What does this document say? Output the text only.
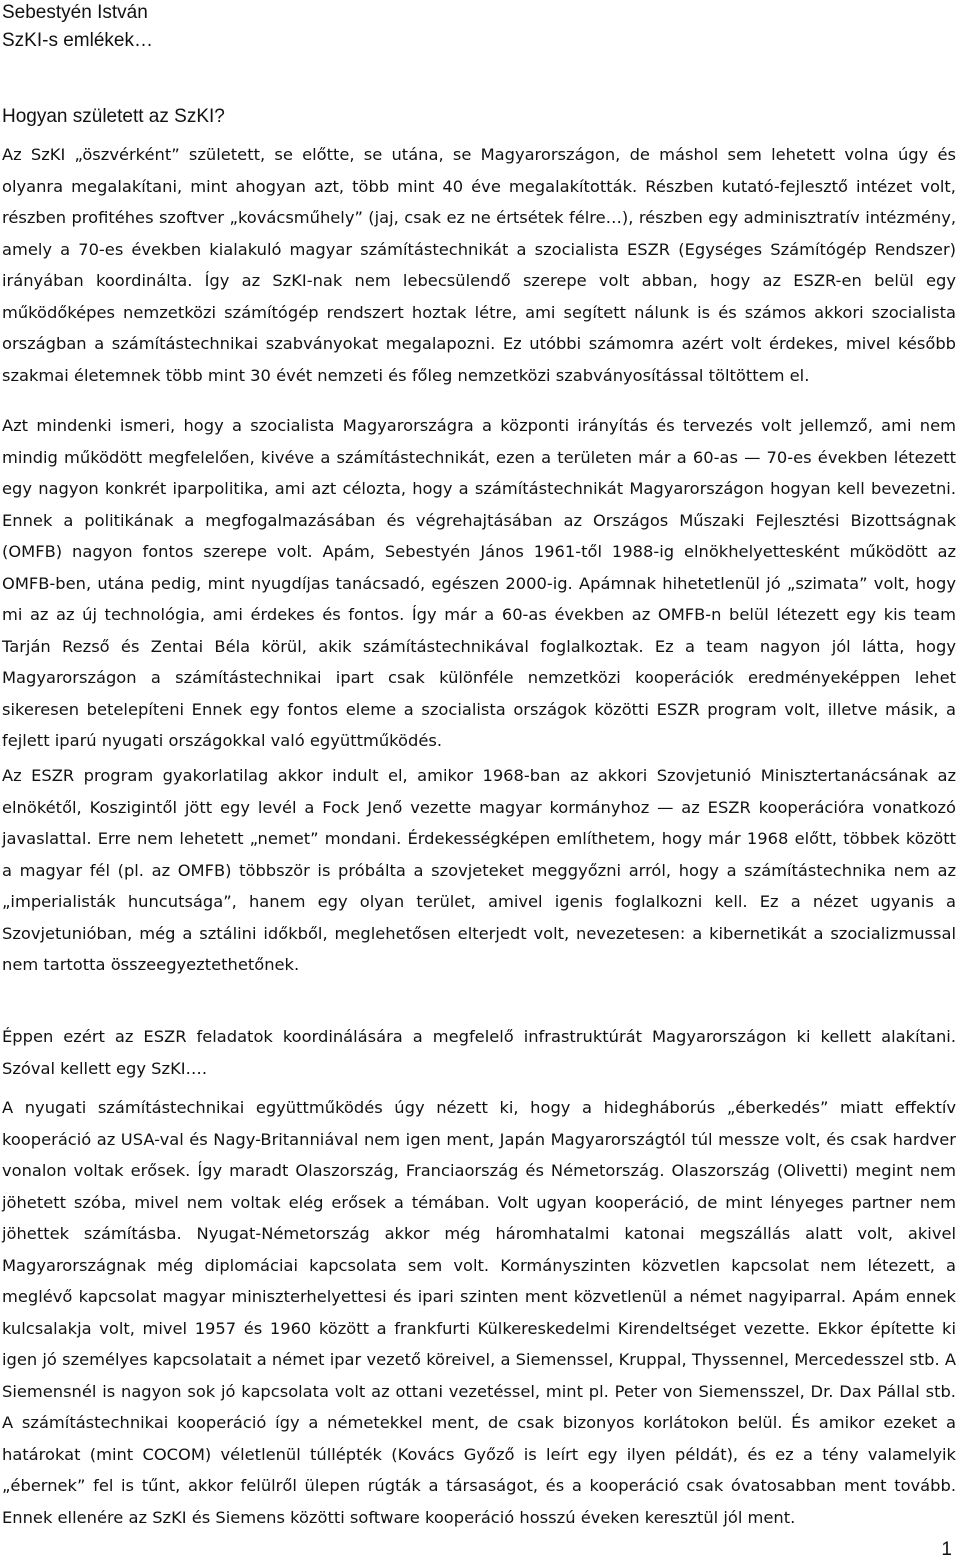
Sebestyén István
SzKI-s emlékek…
Hogyan született az SzKI?

Az SzKI „öszvérként” született, se előtte, se utána, se Magyarországon, de máshol sem lehetett volna úgy és olyanra megalakítani, mint ahogyan azt, több mint 40 éve megalakították. Részben kutató-fejlesztő intézet volt, részben profitéhes szoftver „kovácsműhely” (jaj, csak ez ne értsétek félre…), részben egy adminisztratív intézmény, amely a 70-es években kialakuló magyar számítástechnikát a szocialista ESZR (Egységes Számítógép Rendszer) irányában koordinálta. Így az SzKI-nak nem lebecsülendő szerepe volt abban, hogy az ESZR-en belül egy működőképes nemzetközi számítógép rendszert hoztak létre, ami segített nálunk is és számos akkori szocialista országban a számítástechnikai szabványokat megalapozni. Ez utóbbi számomra azért volt érdekes, mivel később szakmai életemnek több mint 30 évét nemzeti és főleg nemzetközi szabványosítással töltöttem el.

Azt mindenki ismeri, hogy a szocialista Magyarországra a központi irányítás és tervezés volt jellemző, ami nem mindig működött megfelelően, kivéve a számítástechnikát, ezen a területen már a 60-as — 70-es években létezett egy nagyon konkrét iparpolitika, ami azt célozta, hogy a számítástechnikát Magyarországon hogyan kell bevezetni. Ennek a politikának a megfogalmazásában és végrehajtásában az Országos Műszaki Fejlesztési Bizottságnak (OMFB) nagyon fontos szerepe volt. Apám, Sebestyén János 1961-től 1988-ig elnökhelyettesként működött az OMFB-ben, utána pedig, mint nyugdíjas tanácsadó, egészen 2000-ig. Apámnak hihetetlenül jó „szimata” volt, hogy mi az az új technológia, ami érdekes és fontos. Így már a 60-as években az OMFB-n belül létezett egy kis team Tarján Rezső és Zentai Béla körül, akik számítástechnikával foglalkoztak. Ez a team nagyon jól látta, hogy Magyarországon a számítástechnikai ipart csak különféle nemzetközi kooperációk eredményeképpen lehet sikeresen betelepíteni Ennek egy fontos eleme a szocialista országok közötti ESZR program volt, illetve másik, a fejlett iparú nyugati országokkal való együttműködés.

Az ESZR program gyakorlatilag akkor indult el, amikor 1968-ban az akkori Szovjetunió Minisztertanácsának az elnökétől, Koszigintől jött egy levél a Fock Jenő vezette magyar kormányhoz — az ESZR kooperációra vonatkozó javaslattal. Erre nem lehetett „nemet” mondani. Érdekességképen említhetem, hogy már 1968 előtt, többek között a magyar fél (pl. az OMFB) többször is próbálta a szovjeteket meggyőzni arról, hogy a számítástechnika nem az „imperialisták huncutsága”, hanem egy olyan terület, amivel igenis foglalkozni kell. Ez a nézet ugyanis a Szovjetunióban, még a sztálini időkből, meglehetősen elterjedt volt, nevezetesen: a kibernetikát a szocializmussal nem tartotta összeegyeztethetőnek.

Éppen ezért az ESZR feladatok koordinálására a megfelelő infrastruktúrát Magyarországon ki kellett alakítani. Szóval kellett egy SzKI….

A nyugati számítástechnikai együttműködés úgy nézett ki, hogy a hidegháborús „éberkedés” miatt effektív kooperáció az USA-val és Nagy-Britanniával nem igen ment, Japán Magyarországtól túl messze volt, és csak hardver vonalon voltak erősek. Így maradt Olaszország, Franciaország és Németország. Olaszország (Olivetti) megint nem jöhetett szóba, mivel nem voltak elég erősek a témában. Volt ugyan kooperáció, de mint lényeges partner nem jöhettek számításba. Nyugat-Németország akkor még háromhatalmi katonai megszállás alatt volt, akivel Magyarországnak még diplomáciai kapcsolata sem volt. Kormányszinten közvetlen kapcsolat nem létezett, a meglévő kapcsolat magyar miniszterhelyettesi és ipari szinten ment közvetlenül a német nagyiparral. Apám ennek kulcsalakja volt, mivel 1957 és 1960 között a frankfurti Külkereskedelmi Kirendeltséget vezette. Ekkor építette ki igen jó személyes kapcsolatait a német ipar vezető köreivel, a Siemenssel, Kruppal, Thyssennel, Mercedesszel stb. A Siemensnél is nagyon sok jó kapcsolata volt az ottani vezetéssel, mint pl. Peter von Siemensszel, Dr. Dax Pállal stb. A számítástechnikai kooperáció így a németekkel ment, de csak bizonyos korlátokon belül. És amikor ezeket a határokat (mint COCOM) véletlenül túllépték (Kovács Győző is leírt egy ilyen példát), és ez a tény valamelyik „ébernek” fel is tűnt, akkor felülről ülepen rúgták a társaságot, és a kooperáció csak óvatosabban ment tovább. Ennek ellenére az SzKI és Siemens közötti software kooperáció hosszú éveken keresztül jól ment.

1
